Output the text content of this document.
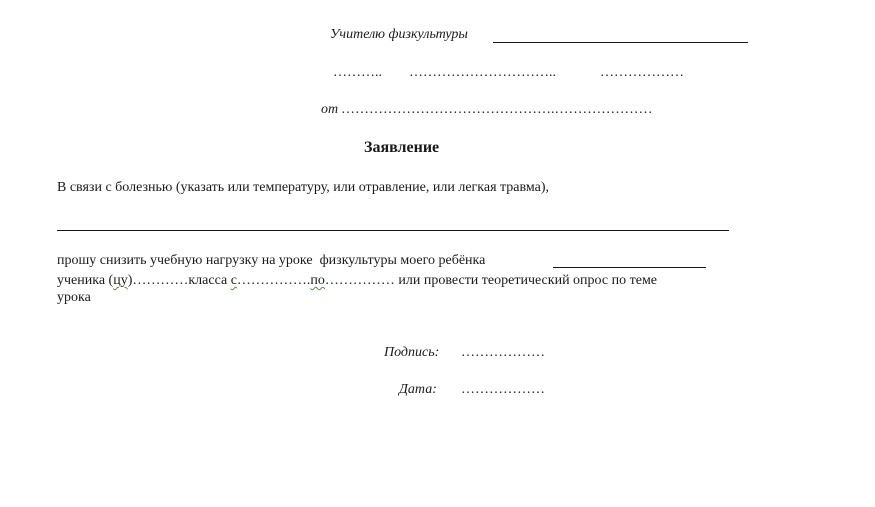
Учителю физкультуры
……….. …………………………..	………………
от ……………………………………….…………………
Заявление
В связи с болезнью (указать или температуру, или отравление, или легкая травма),
прошу снизить учебную нагрузку на уроке  физкультуры моего ребёнка
ученика (цу)…………класса с…………….по…………… или провести теоретический опрос по теме
урока
Подпись: ………………
Дата: ………………
